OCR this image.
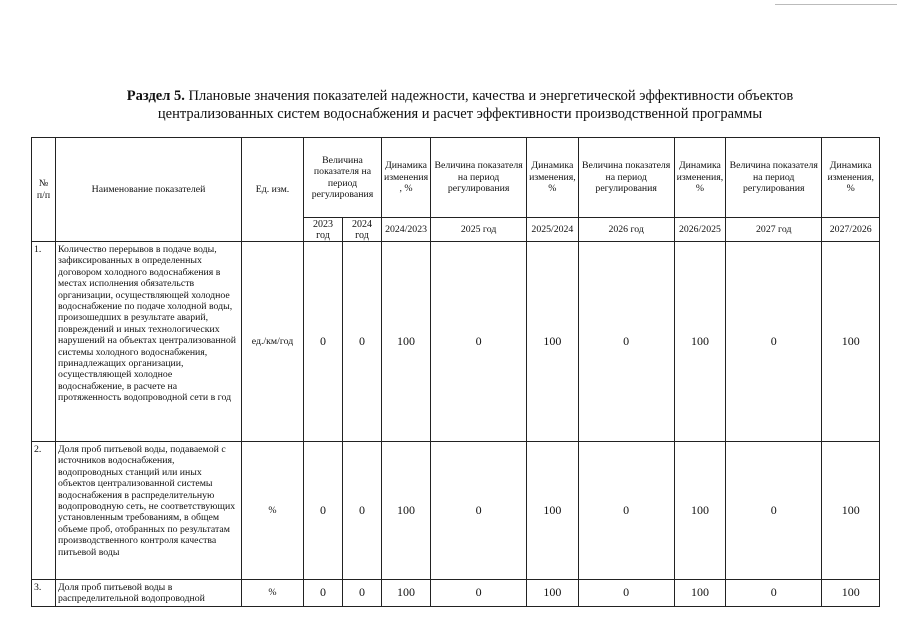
Раздел 5. Плановые значения показателей надежности, качества и энергетической эффективности объектов
централизованных систем водоснабжения и расчет эффективности производственной программы
№ п/п	Наименование показателей	Ед. изм.	Величина показателя на период регулирования		Динамика изменения , %	Величина показателя на период регулирования	Динамика изменения, %	Величина показателя на период регулирования	Динамика изменения, %	Величина показателя на период регулирования	Динамика изменения, %
			2023 год	2024 год	2024/2023	2025 год	2025/2024	2026 год	2026/2025	2027 год	2027/2026
1.	Количество перерывов в подаче воды, зафиксированных в определенных договором холодного водоснабжения в местах исполнения обязательств организации, осуществляющей холодное водоснабжение по подаче холодной воды, произошедших в результате аварий, повреждений и иных технологических нарушений на объектах централизованной системы холодного водоснабжения, принадлежащих организации, осуществляющей холодное водоснабжение, в расчете на протяженность водопроводной сети в год	ед./км/год	0	0	100	0	100	0	100	0	100
2.	Доля проб питьевой воды, подаваемой с источников водоснабжения, водопроводных станций или иных объектов централизованной системы водоснабжения в распределительную водопроводную сеть, не соответствующих установленным требованиям, в общем объеме проб, отобранных по результатам производственного контроля качества питьевой воды	%	0	0	100	0	100	0	100	0	100
3.	Доля проб питьевой воды в распределительной водопроводной	%	0	0	100	0	100	0	100	0	100
